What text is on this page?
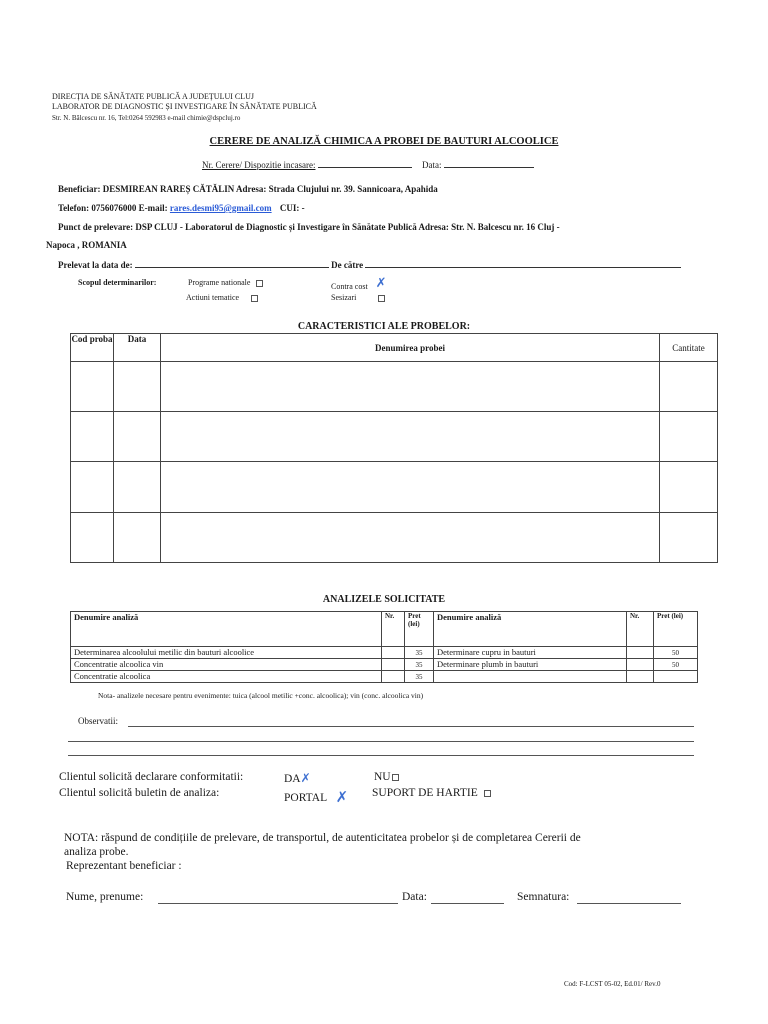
DIRECȚIA DE SĂNĂTATE PUBLICĂ A JUDEȚULUI CLUJ
LABORATOR DE DIAGNOSTIC ȘI INVESTIGARE ÎN SĂNĂTATE PUBLICĂ
Str. N. Bălcescu nr. 16, Tel:0264 592983 e-mail chimie@dspcluj.ro
CERERE DE ANALIZĂ CHIMICA A PROBEI DE BAUTURI ALCOOLICE
Nr. Cerere/ Dispozitie incasare:	Data:
Beneficiar: DESMIREAN RAREȘ CĂTĂLIN Adresa: Strada Clujului nr. 39. Sannicoara, Apahida
Telefon: 0756076000 E-mail: rares.desmi95@gmail.com CUI: -
Punct de prelevare: DSP CLUJ - Laboratorul de Diagnostic și Investigare în Sănătate Publică Adresa: Str. N. Balcescu nr. 16 Cluj -
Napoca , ROMANIA
Prelevat la data de:	De către
Scopul determinarilor:	Programe nationale
Actiuni tematice
Contra cost ✗
Sesizari
CARACTERISTICI ALE PROBELOR:
Cod proba	Data	Denumirea probei	Cantitate

ANALIZELE SOLICITATE
Denumire analiză	Nr.	Pret (lei)	Denumire analiză	Nr.	Pret (lei)
Determinarea alcoolului metilic din bauturi alcoolice		35	Determinare cupru in bauturi		50
Concentratie alcoolica vin		35	Determinare plumb in bauturi		50
Concentratie alcoolica		35			
Nota- analizele necesare pentru evenimente: tuica (alcool metilic +conc. alcoolica); vin (conc. alcoolica vin)
Observatii:
Clientul solicită declarare conformitatii:	DA✗	NU
Clientul solicită buletin de analiza:	PORTAL ✗ SUPORT DE HARTIE
NOTA: răspund de condițiile de prelevare, de transportul, de autenticitatea probelor și de completarea Cererii de
analiza probe.
Reprezentant beneficiar :
Nume, prenume:	Data:	Semnatura:
Cod: F-LCST 05-02, Ed.01/ Rev.0
